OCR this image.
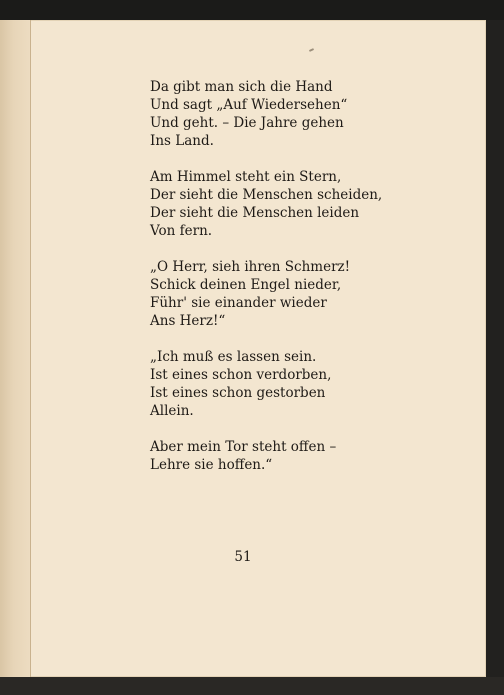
Da gibt man sich die Hand
Und sagt „Auf Wiedersehen“
Und geht. – Die Jahre gehen
Ins Land.
Am Himmel steht ein Stern,
Der sieht die Menschen scheiden,
Der sieht die Menschen leiden
Von fern.
„O Herr, sieh ihren Schmerz!
Schick deinen Engel nieder,
Führ' sie einander wieder
Ans Herz!“
„Ich muß es lassen sein.
Ist eines schon verdorben,
Ist eines schon gestorben
Allein.
Aber mein Tor steht offen –
Lehre sie hoffen.“
51
